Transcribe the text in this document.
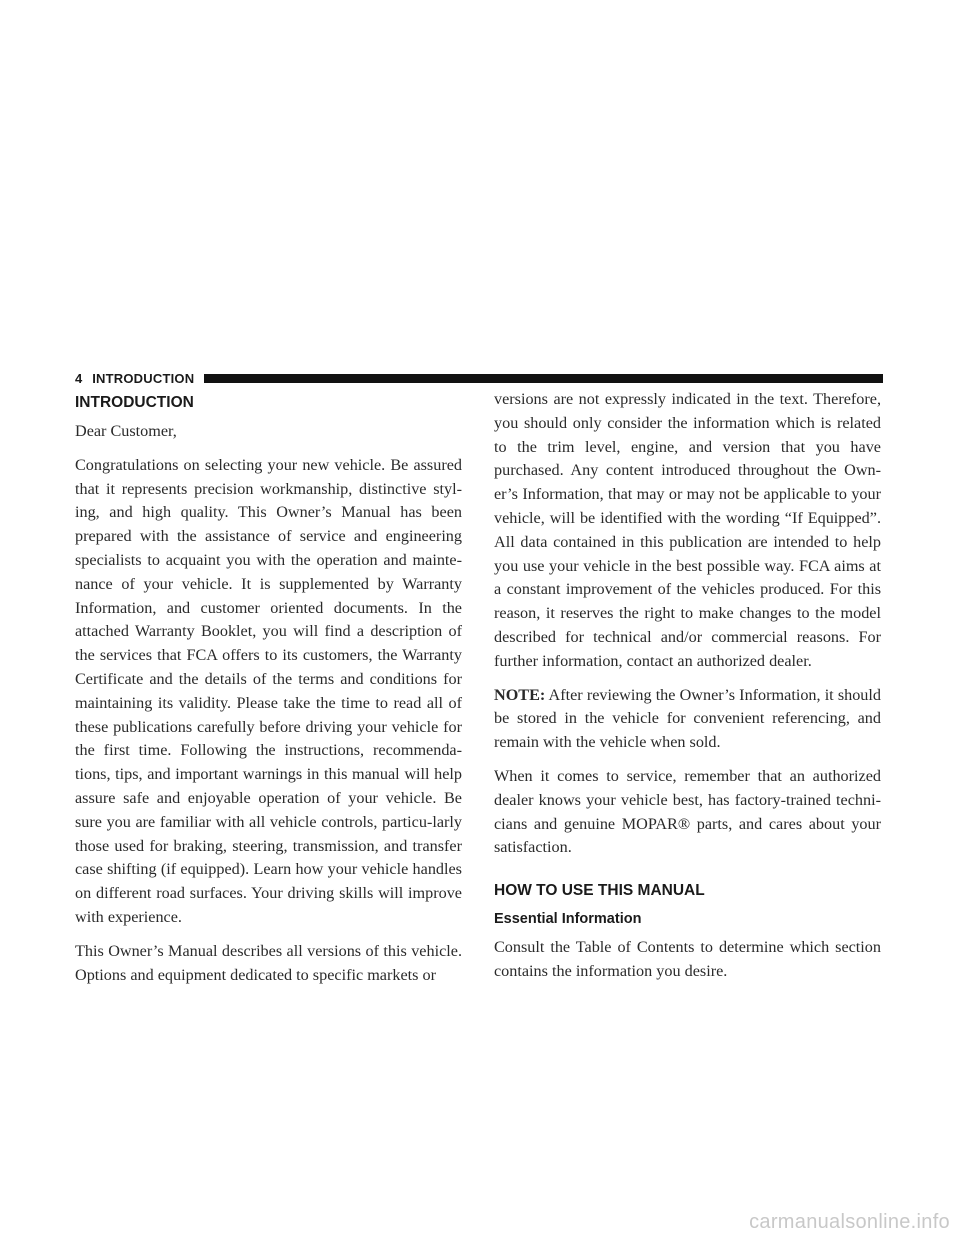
4 INTRODUCTION
INTRODUCTION

Dear Customer,

Congratulations on selecting your new vehicle. Be assured that it represents precision workmanship, distinctive styl-ing, and high quality. This Owner’s Manual has been prepared with the assistance of service and engineering specialists to acquaint you with the operation and mainte-nance of your vehicle. It is supplemented by Warranty Information, and customer oriented documents. In the attached Warranty Booklet, you will find a description of the services that FCA offers to its customers, the Warranty Certificate and the details of the terms and conditions for maintaining its validity. Please take the time to read all of these publications carefully before driving your vehicle for the first time. Following the instructions, recommenda-tions, tips, and important warnings in this manual will help assure safe and enjoyable operation of your vehicle. Be sure you are familiar with all vehicle controls, particu-larly those used for braking, steering, transmission, and transfer case shifting (if equipped). Learn how your vehicle handles on different road surfaces. Your driving skills will improve with experience.

This Owner’s Manual describes all versions of this vehicle. Options and equipment dedicated to specific markets or

versions are not expressly indicated in the text. Therefore, you should only consider the information which is related to the trim level, engine, and version that you have purchased. Any content introduced throughout the Own-er’s Information, that may or may not be applicable to your vehicle, will be identified with the wording “If Equipped”. All data contained in this publication are intended to help you use your vehicle in the best possible way. FCA aims at a constant improvement of the vehicles produced. For this reason, it reserves the right to make changes to the model described for technical and/or commercial reasons. For further information, contact an authorized dealer.

NOTE: After reviewing the Owner’s Information, it should be stored in the vehicle for convenient referencing, and remain with the vehicle when sold.

When it comes to service, remember that an authorized dealer knows your vehicle best, has factory-trained techni-cians and genuine MOPAR® parts, and cares about your satisfaction.

HOW TO USE THIS MANUAL
Essential Information

Consult the Table of Contents to determine which section contains the information you desire.

carmanualsonline.info
